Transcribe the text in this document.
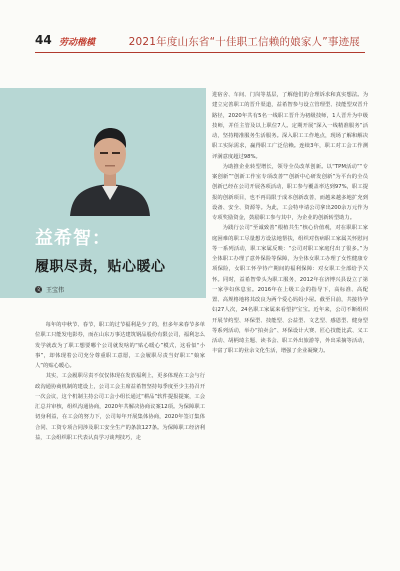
44 劳动楷模	2021年度山东省“十佳职工信赖的娘家人”事迹展
益希智：
履职尽责，贴心暖心
文 王宝伟

每年的中秋节、春节，职工的过节福利是少了的，但多年来春节多单位职工只能发电影券，而在山东万事达建筑钢品股份有限公司，福利怎么发学就改为了职工想要哪个公司就发啥的“贴心暖心”模式，这看似“小事”，却体现着公司充分尊重职工意愿，工会履职尽责当好职工“娘家人”的贴心暖心。

其实，工会履职尽责不仅仅体现在发放福利上，更多体现在工会与行政沟通协商机制的建设上，公司工会主席益希智坚持每季度至少主持召开一次会议，这个机制主持公司工会小组长通过“耕品”软件提报提案，工会汇总并审核，组织沟通协商，2020年共解决协商议案12项。为保障职工切身利益，在工会的努力下，公司每年开展集体协商，2020年签订集体合同、工资专项合同涉及职工安全生产的条款127条。为保障职工经济利益，工会组织职工代表认真学习谈判技巧，走

进宿舍、车间、门岗等基层，了解他们的合理诉求和真实想法。为建立完善职工的晋升渠道，益希智参与设立管理型、技能型双晋升路径，2020年共有5名一线职工晋升为初级技师，1人晋升为中级技师，并任主管及以上职位7人。定期开展“深入一线精准服务”活动，坚持精准服务生活服务。深入职工工作地点，现场了解和解决职工实际需求，赢得职工广泛信赖。连续3年，职工对工会工作测评满意度超过98%。

为助推企业转型增长，领导全员改革创新。以“TPM活动”“专案创新”“创新工作室专项改善”“创新中心研发创新”为平台的全员创新已经在公司开展各项活动，职工参与覆盖率达到97%，职工提报的创新项目，也不再局限于成本创新改善，而越来越多地扩充到设备、安全、资源等。为此，工会特申请公司拿出200余万元作为专项奖励资金，鼓励职工参与其中，为企业的创新转型助力。

为践行公司“至诚致善”根植共生”核心价值观，对在职职工家庭困难的职工尽量想方设法地帮扶，组织对伤病职工家属关怀慰问等一系列活动，职工家属反映：“公司对职工家庭付出了很多。”为全体职工办理了意外保险等保障，为全体女职工办理了女性健康专项保险，女职工怀孕待产期间的福利保障：对女职工全部给予关怀。同时，益希智带头为职工服务，2012年在济博兴县设立了第一家孕妇休息室。2016年在上级工会的指导下，高标准、高配置、高规格地将其改良为两个爱心妈妈小屋。截至目前，共接待孕妇27人次，24名职工家属来看望护宝宝。近年来，公司不断组织开展节约型、环保型、技能型、公益型、文艺型、感恩型、健身型等系列活动，举办“拍卖会”、环保设计大赛、匠心技能比武、义工活动、胡柄琦主题、读书会、职工外出旅游等，外出采摘等活动，丰富了职工的业余文化生活，增强了企业凝聚力。
